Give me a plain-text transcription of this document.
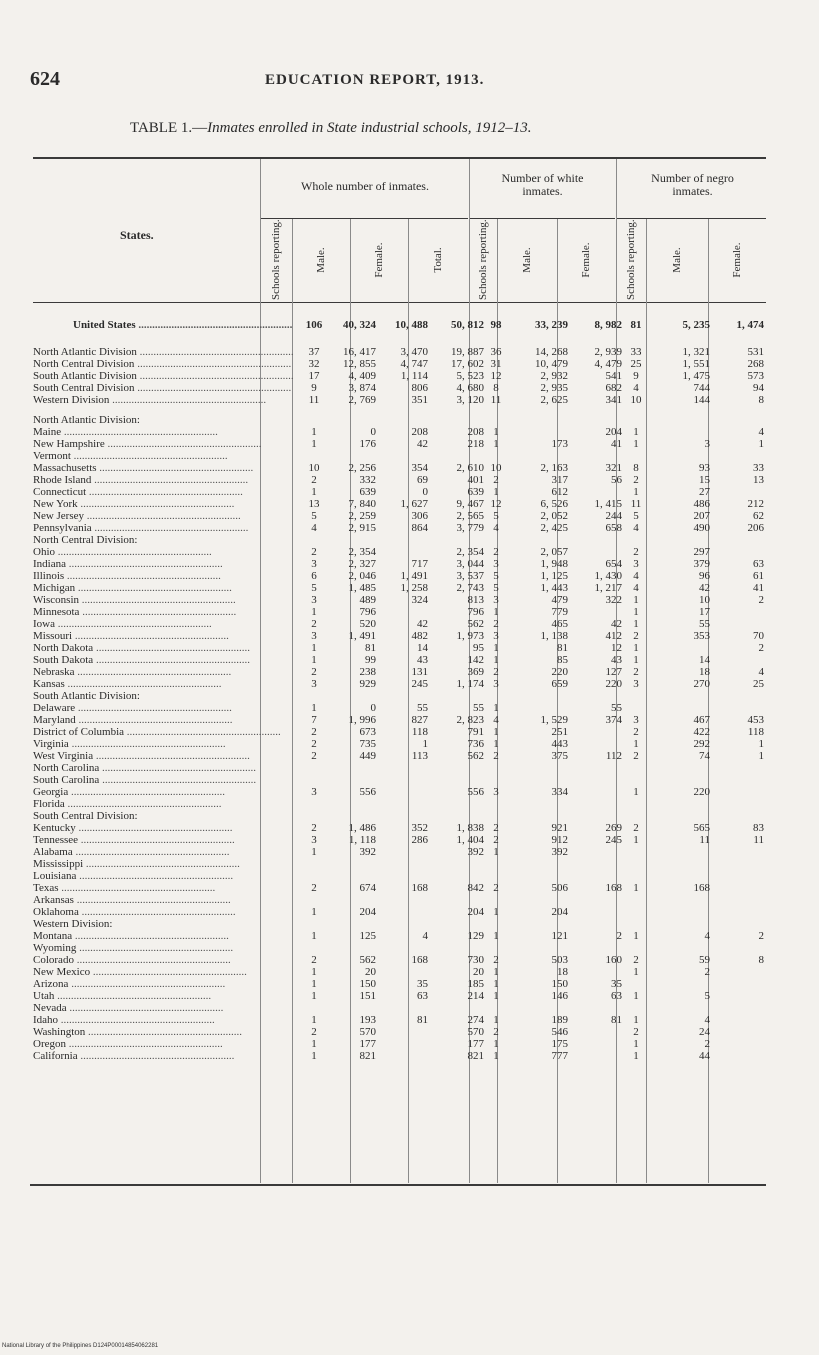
624	EDUCATION REPORT, 1913.
TABLE 1.—Inmates enrolled in State industrial schools, 1912–13.
States.
Whole number of inmates.
Number of white inmates.
Number of negro inmates.
Schools reporting.	Male.	Female.	Total.	Schools reporting.	Male.	Female.	Schools reporting.	Male.	Female.
United States .....	106	40, 324	10, 488	50, 812	98	33, 239	8, 982	81	5, 235	1, 474

North Atlantic Division .....	37	16, 417	3, 470	19, 887	36	14, 268	2, 939	33	1, 321	531
North Central Division .....	32	12, 855	4, 747	17, 602	31	10, 479	4, 479	25	1, 551	268
South Atlantic Division .....	17	4, 409	1, 114	5, 523	12	2, 932	541	9	1, 475	573
South Central Division .....	9	3, 874	806	4, 680	8	2, 935	682	4	744	94
Western Division .....	11	2, 769	351	3, 120	11	2, 625	341	10	144	8

North Atlantic Division:										
Maine .....	1	0	208	208	1		204	1		4
New Hampshire .....	1	176	42	218	1	173	41	1	3	1
Vermont .....										
Massachusetts .....	10	2, 256	354	2, 610	10	2, 163	321	8	93	33
Rhode Island .....	2	332	69	401	2	317	56	2	15	13
Connecticut .....	1	639	0	639	1	612		1	27	
New York .....	13	7, 840	1, 627	9, 467	12	6, 526	1, 415	11	486	212
New Jersey .....	5	2, 259	306	2, 565	5	2, 052	244	5	207	62
Pennsylvania .....	4	2, 915	864	3, 779	4	2, 425	658	4	490	206
North Central Division:										
Ohio .....	2	2, 354		2, 354	2	2, 057		2	297	
Indiana .....	3	2, 327	717	3, 044	3	1, 948	654	3	379	63
Illinois .....	6	2, 046	1, 491	3, 537	5	1, 125	1, 430	4	96	61
Michigan .....	5	1, 485	1, 258	2, 743	5	1, 443	1, 217	4	42	41
Wisconsin .....	3	489	324	813	3	479	322	1	10	2
Minnesota .....	1	796		796	1	779		1	17	
Iowa .....	2	520	42	562	2	465	42	1	55	
Missouri .....	3	1, 491	482	1, 973	3	1, 138	412	2	353	70
North Dakota .....	1	81	14	95	1	81	12	1		2
South Dakota .....	1	99	43	142	1	85	43	1	14	
Nebraska .....	2	238	131	369	2	220	127	2	18	4
Kansas .....	3	929	245	1, 174	3	659	220	3	270	25
South Atlantic Division:										
Delaware .....	1	0	55	55	1		55			
Maryland .....	7	1, 996	827	2, 823	4	1, 529	374	3	467	453
District of Columbia .....	2	673	118	791	1	251		2	422	118
Virginia .....	2	735	1	736	1	443		1	292	1
West Virginia .....	2	449	113	562	2	375	112	2	74	1
North Carolina .....										
South Carolina .....										
Georgia .....	3	556		556	3	334		1	220	
Florida .....										
South Central Division:										
Kentucky .....	2	1, 486	352	1, 838	2	921	269	2	565	83
Tennessee .....	3	1, 118	286	1, 404	2	912	245	1	11	11
Alabama .....	1	392		392	1	392				
Mississippi .....										
Louisiana .....										
Texas .....	2	674	168	842	2	506	168	1	168	
Arkansas .....										
Oklahoma .....	1	204		204	1	204				
Western Division:										
Montana .....	1	125	4	129	1	121	2	1	4	2
Wyoming .....										
Colorado .....	2	562	168	730	2	503	160	2	59	8
New Mexico .....	1	20		20	1	18		1	2	
Arizona .....	1	150	35	185	1	150	35			
Utah .....	1	151	63	214	1	146	63	1	5	
Nevada .....										
Idaho .....	1	193	81	274	1	189	81	1	4	
Washington .....	2	570		570	2	546		2	24	
Oregon .....	1	177		177	1	175		1	2	
California .....	1	821		821	1	777		1	44	
National Library of the Philippines D124P00014854062281
